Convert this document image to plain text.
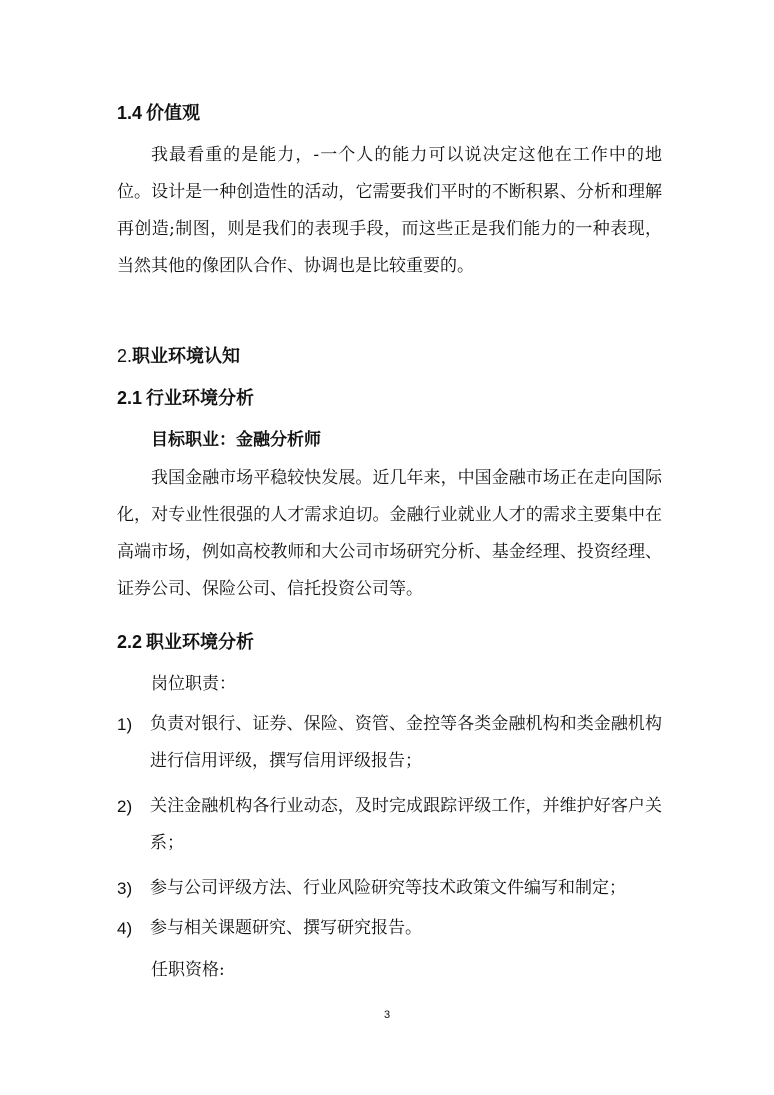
1.4 价值观
我最看重的是能力，-一个人的能力可以说决定这他在工作中的地位。设计是一种创造性的活动，它需要我们平时的不断积累、分析和理解再创造;制图，则是我们的表现手段，而这些正是我们能力的一种表现，当然其他的像团队合作、协调也是比较重要的。
2.职业环境认知
2.1 行业环境分析
目标职业：金融分析师
我国金融市场平稳较快发展。近几年来，中国金融市场正在走向国际化，对专业性很强的人才需求迫切。金融行业就业人才的需求主要集中在高端市场，例如高校教师和大公司市场研究分析、基金经理、投资经理、证券公司、保险公司、信托投资公司等。
2.2 职业环境分析
岗位职责：
1) 负责对银行、证券、保险、资管、金控等各类金融机构和类金融机构进行信用评级，撰写信用评级报告；
2) 关注金融机构各行业动态，及时完成跟踪评级工作，并维护好客户关系；
3) 参与公司评级方法、行业风险研究等技术政策文件编写和制定；
4) 参与相关课题研究、撰写研究报告。
任职资格:
3
